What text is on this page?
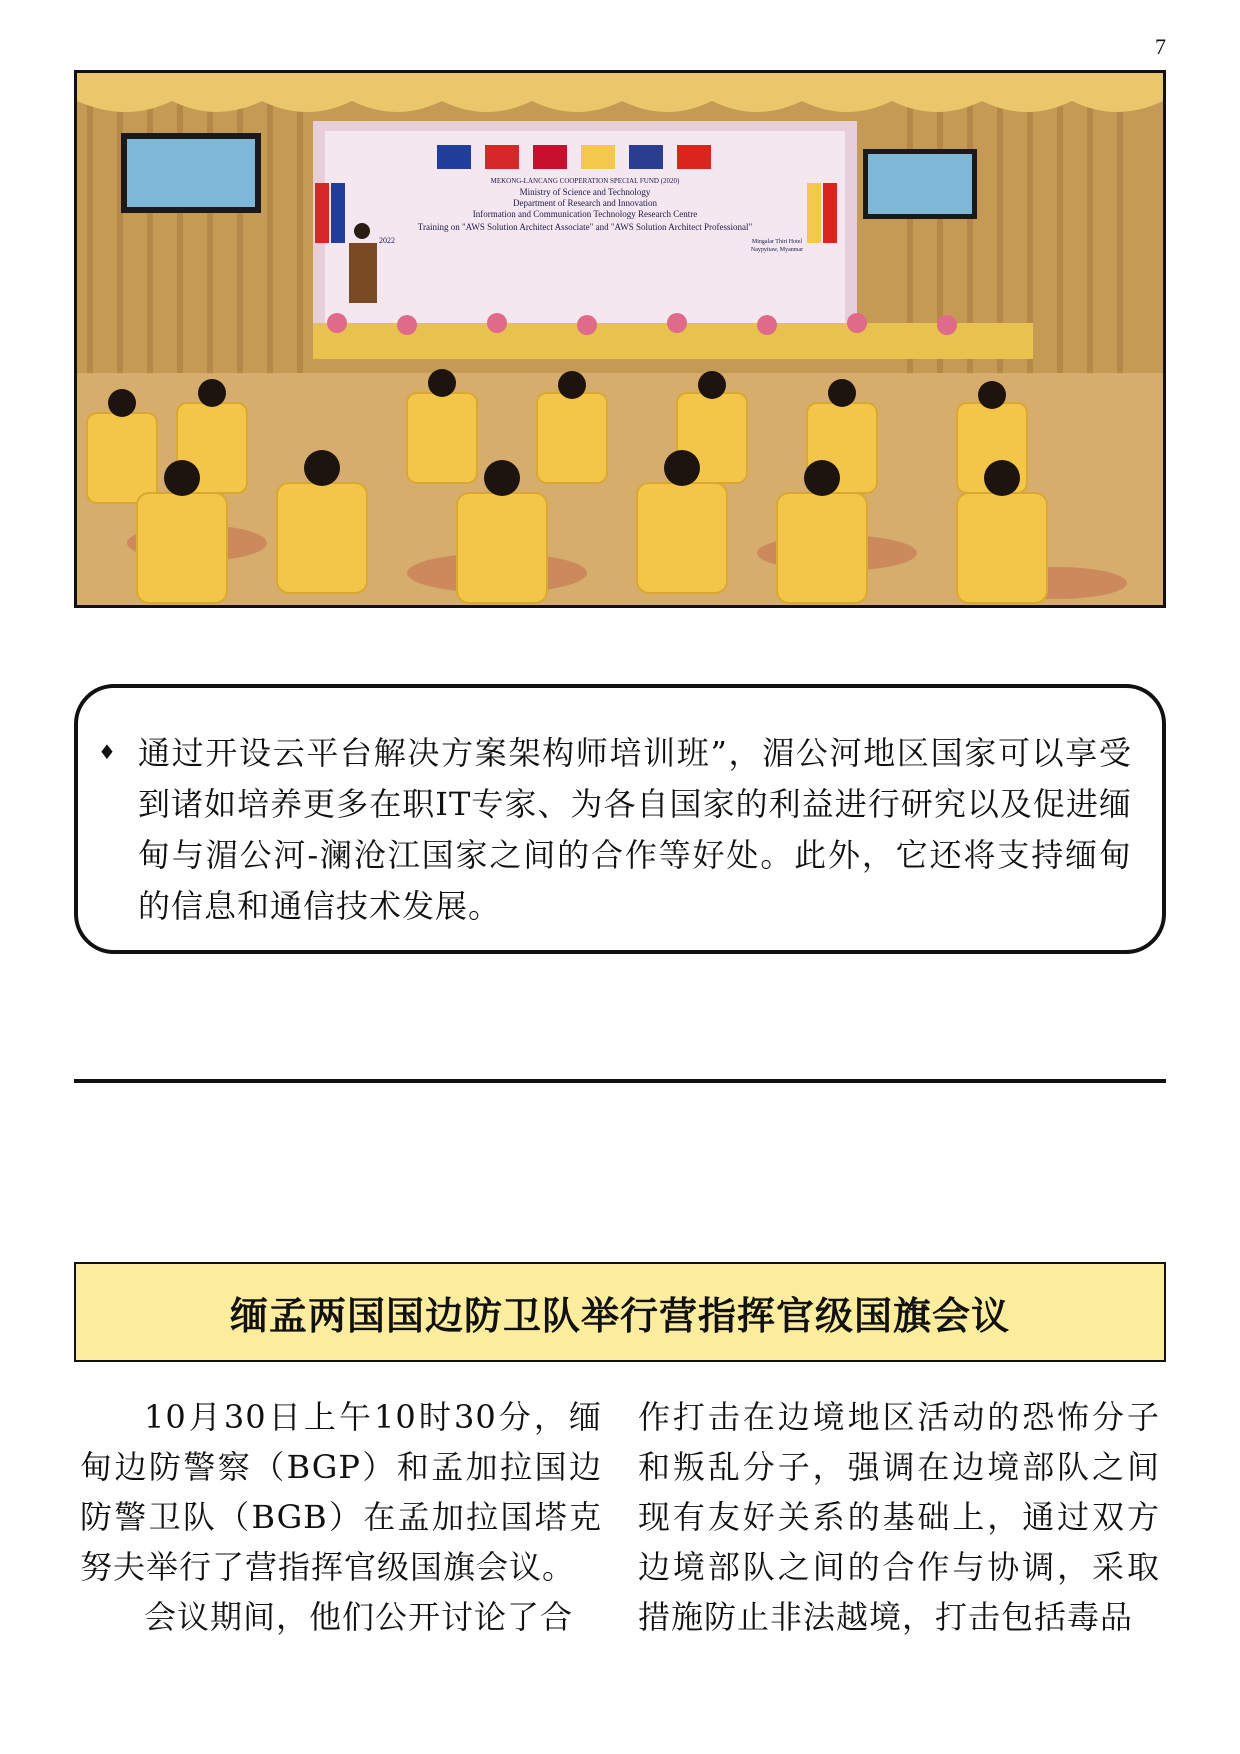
7
MEKONG-LANCANG COOPERATION SPECIAL FUND (2020)
Ministry of Science and Technology
Department of Research and Innovation
Information and Communication Technology Research Centre
Training on "AWS Solution Architect Associate" and "AWS Solution Architect Professional"
2022	Mingalar Thiri Hotel
Naypyitaw, Myanmar
♦ 通过开设云平台解决方案架构师培训班”，湄公河地区国家可以享受到诸如培养更多在职IT专家、为各自国家的利益进行研究以及促进缅甸与湄公河-澜沧江国家之间的合作等好处。此外，它还将支持缅甸的信息和通信技术发展。

缅孟两国国边防卫队举行营指挥官级国旗会议

10月30日上午10时30分，缅甸边防警察（BGP）和孟加拉国边防警卫队（BGB）在孟加拉国塔克努夫举行了营指挥官级国旗会议。

会议期间，他们公开讨论了合

作打击在边境地区活动的恐怖分子和叛乱分子，强调在边境部队之间现有友好关系的基础上，通过双方边境部队之间的合作与协调，采取措施防止非法越境，打击包括毒品
